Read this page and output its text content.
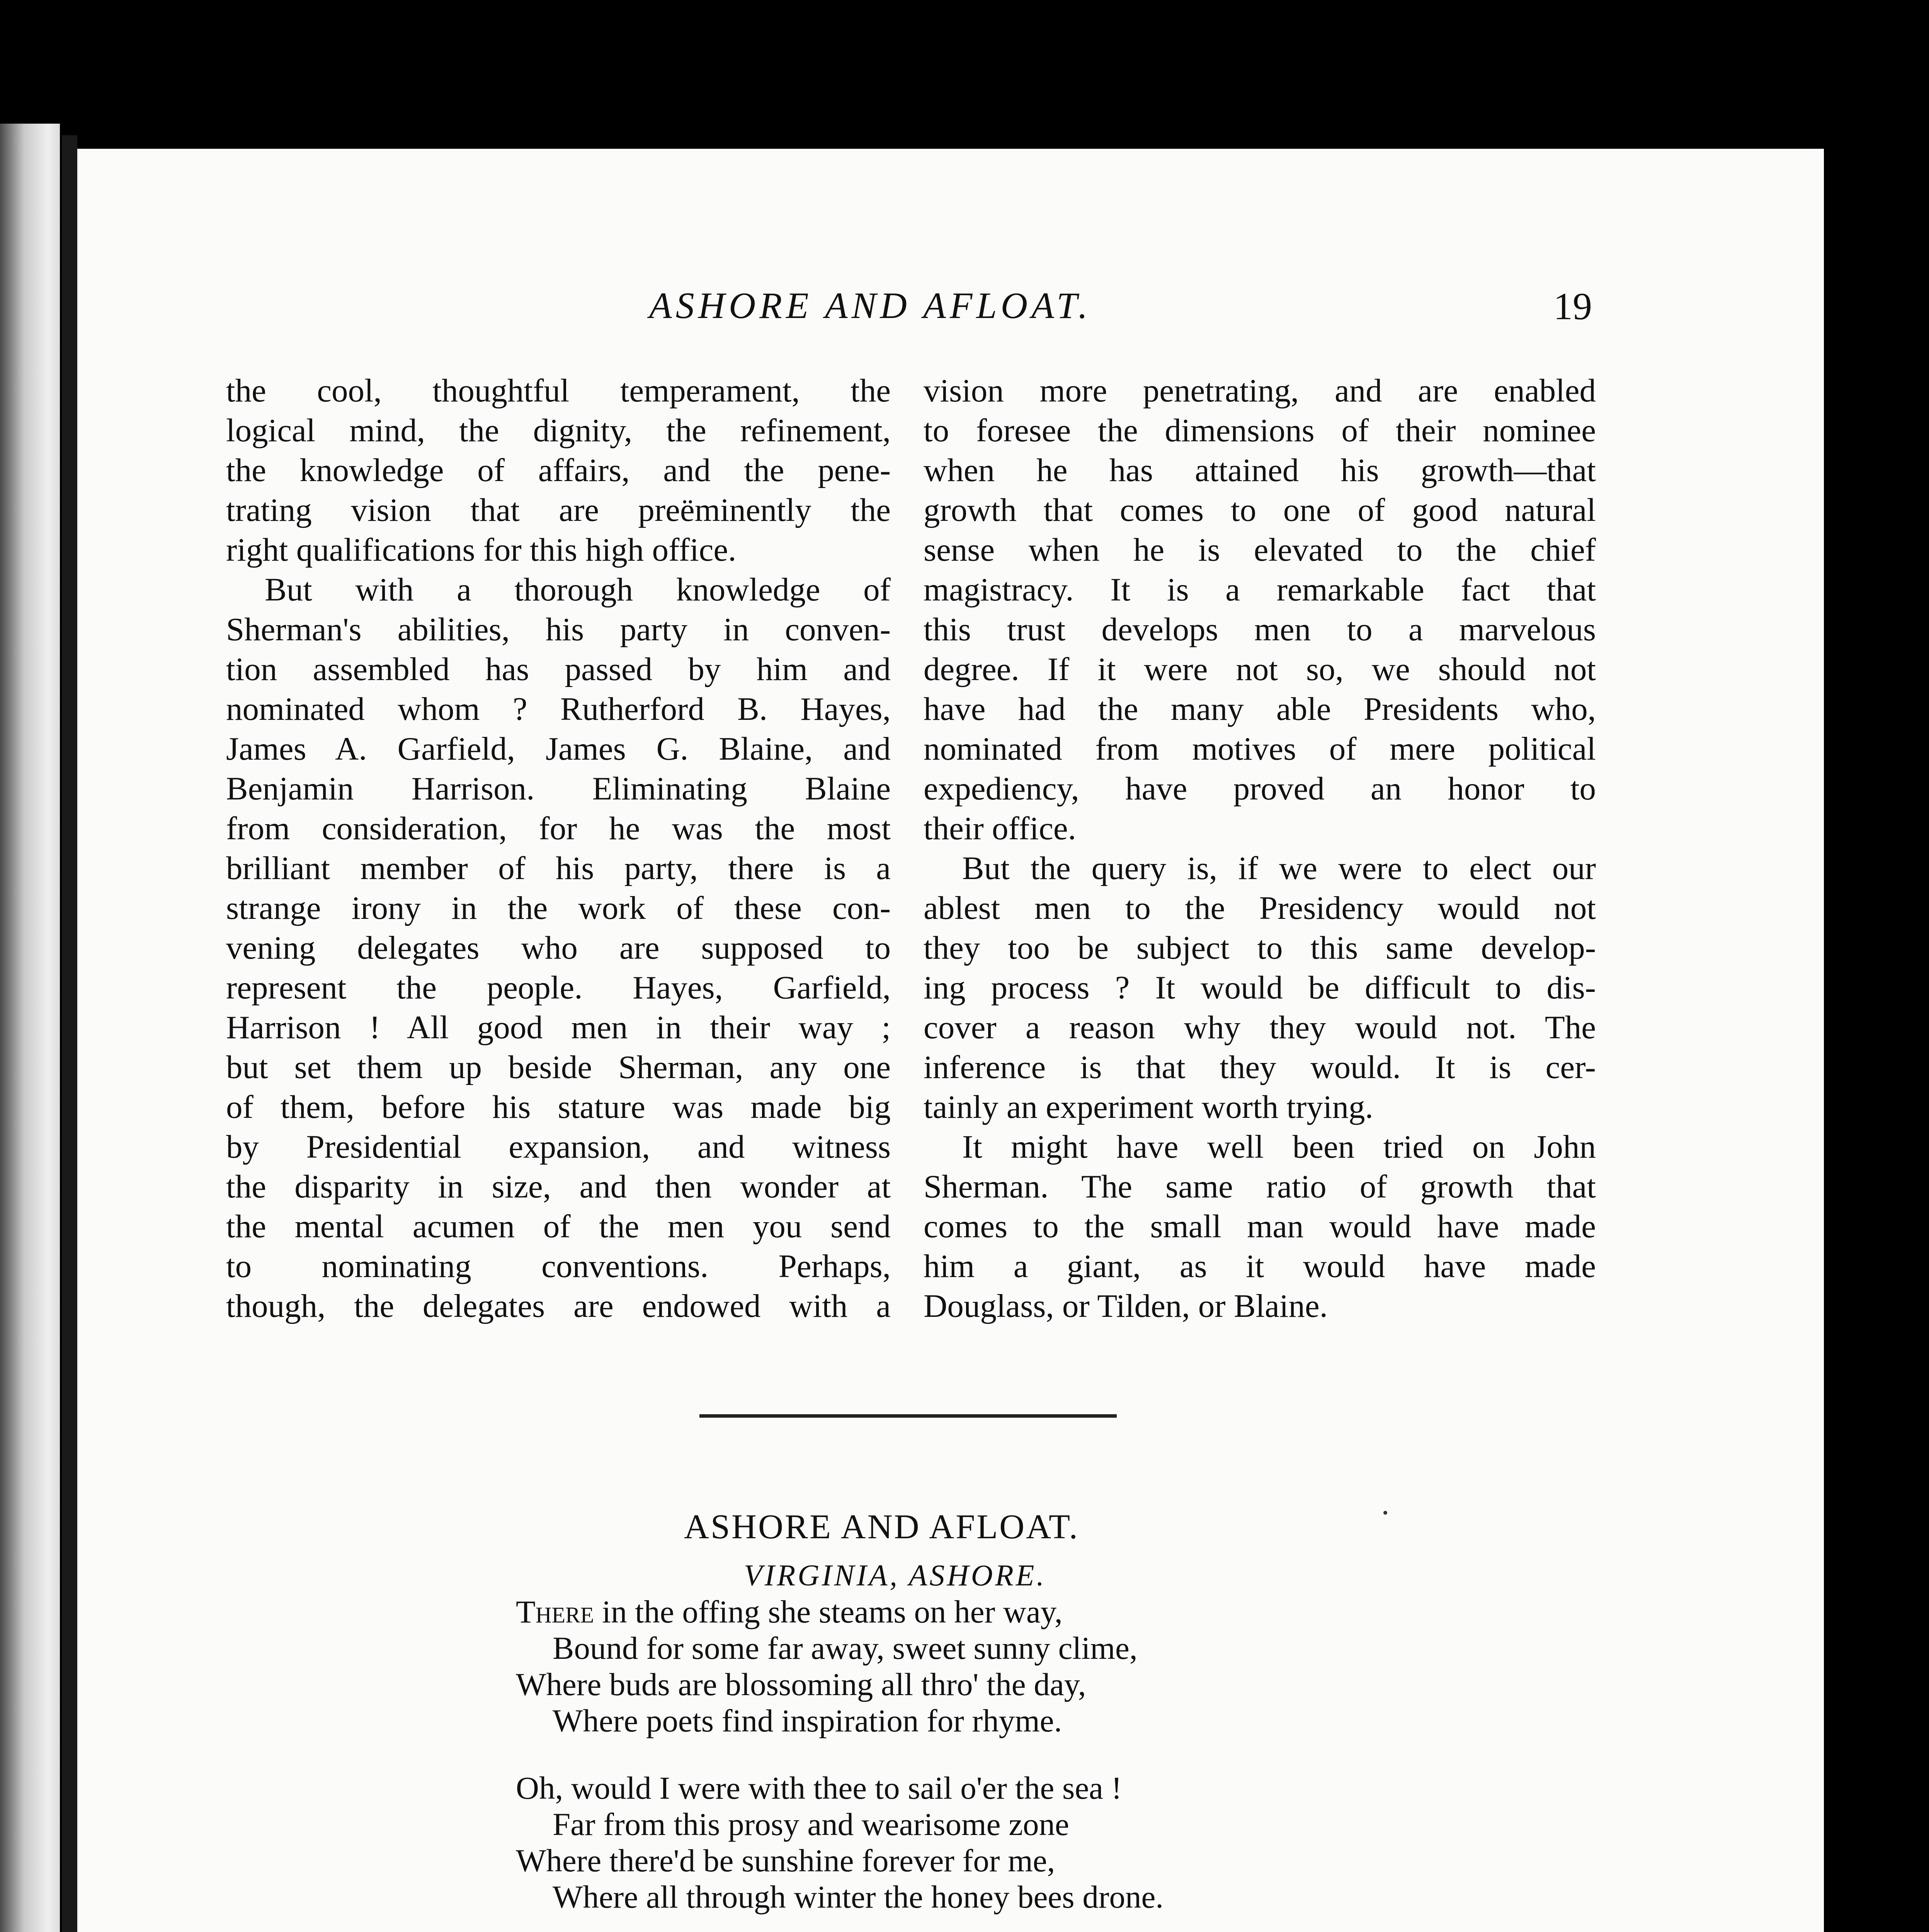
ASHORE AND AFLOAT.	19
the cool, thoughtful temperament, the
logical mind, the dignity, the refinement,
the knowledge of affairs, and the pene-
trating vision that are preëminently the
right qualifications for this high office.
But with a thorough knowledge of
Sherman's abilities, his party in conven-
tion assembled has passed by him and
nominated whom ? Rutherford B. Hayes,
James A. Garfield, James G. Blaine, and
Benjamin Harrison. Eliminating Blaine
from consideration, for he was the most
brilliant member of his party, there is a
strange irony in the work of these con-
vening delegates who are supposed to
represent the people. Hayes, Garfield,
Harrison ! All good men in their way ;
but set them up beside Sherman, any one
of them, before his stature was made big
by Presidential expansion, and witness
the disparity in size, and then wonder at
the mental acumen of the men you send
to nominating conventions. Perhaps,
though, the delegates are endowed with a
vision more penetrating, and are enabled
to foresee the dimensions of their nominee
when he has attained his growth—that
growth that comes to one of good natural
sense when he is elevated to the chief
magistracy. It is a remarkable fact that
this trust develops men to a marvelous
degree. If it were not so, we should not
have had the many able Presidents who,
nominated from motives of mere political
expediency, have proved an honor to
their office.
But the query is, if we were to elect our
ablest men to the Presidency would not
they too be subject to this same develop-
ing process ? It would be difficult to dis-
cover a reason why they would not. The
inference is that they would. It is cer-
tainly an experiment worth trying.
It might have well been tried on John
Sherman. The same ratio of growth that
comes to the small man would have made
him a giant, as it would have made
Douglass, or Tilden, or Blaine.
ASHORE AND AFLOAT.
VIRGINIA, ASHORE.
There in the offing she steams on her way,
Bound for some far away, sweet sunny clime,
Where buds are blossoming all thro' the day,
Where poets find inspiration for rhyme.
Oh, would I were with thee to sail o'er the sea !
Far from this prosy and wearisome zone
Where there'd be sunshine forever for me,
Where all through winter the honey bees drone.
